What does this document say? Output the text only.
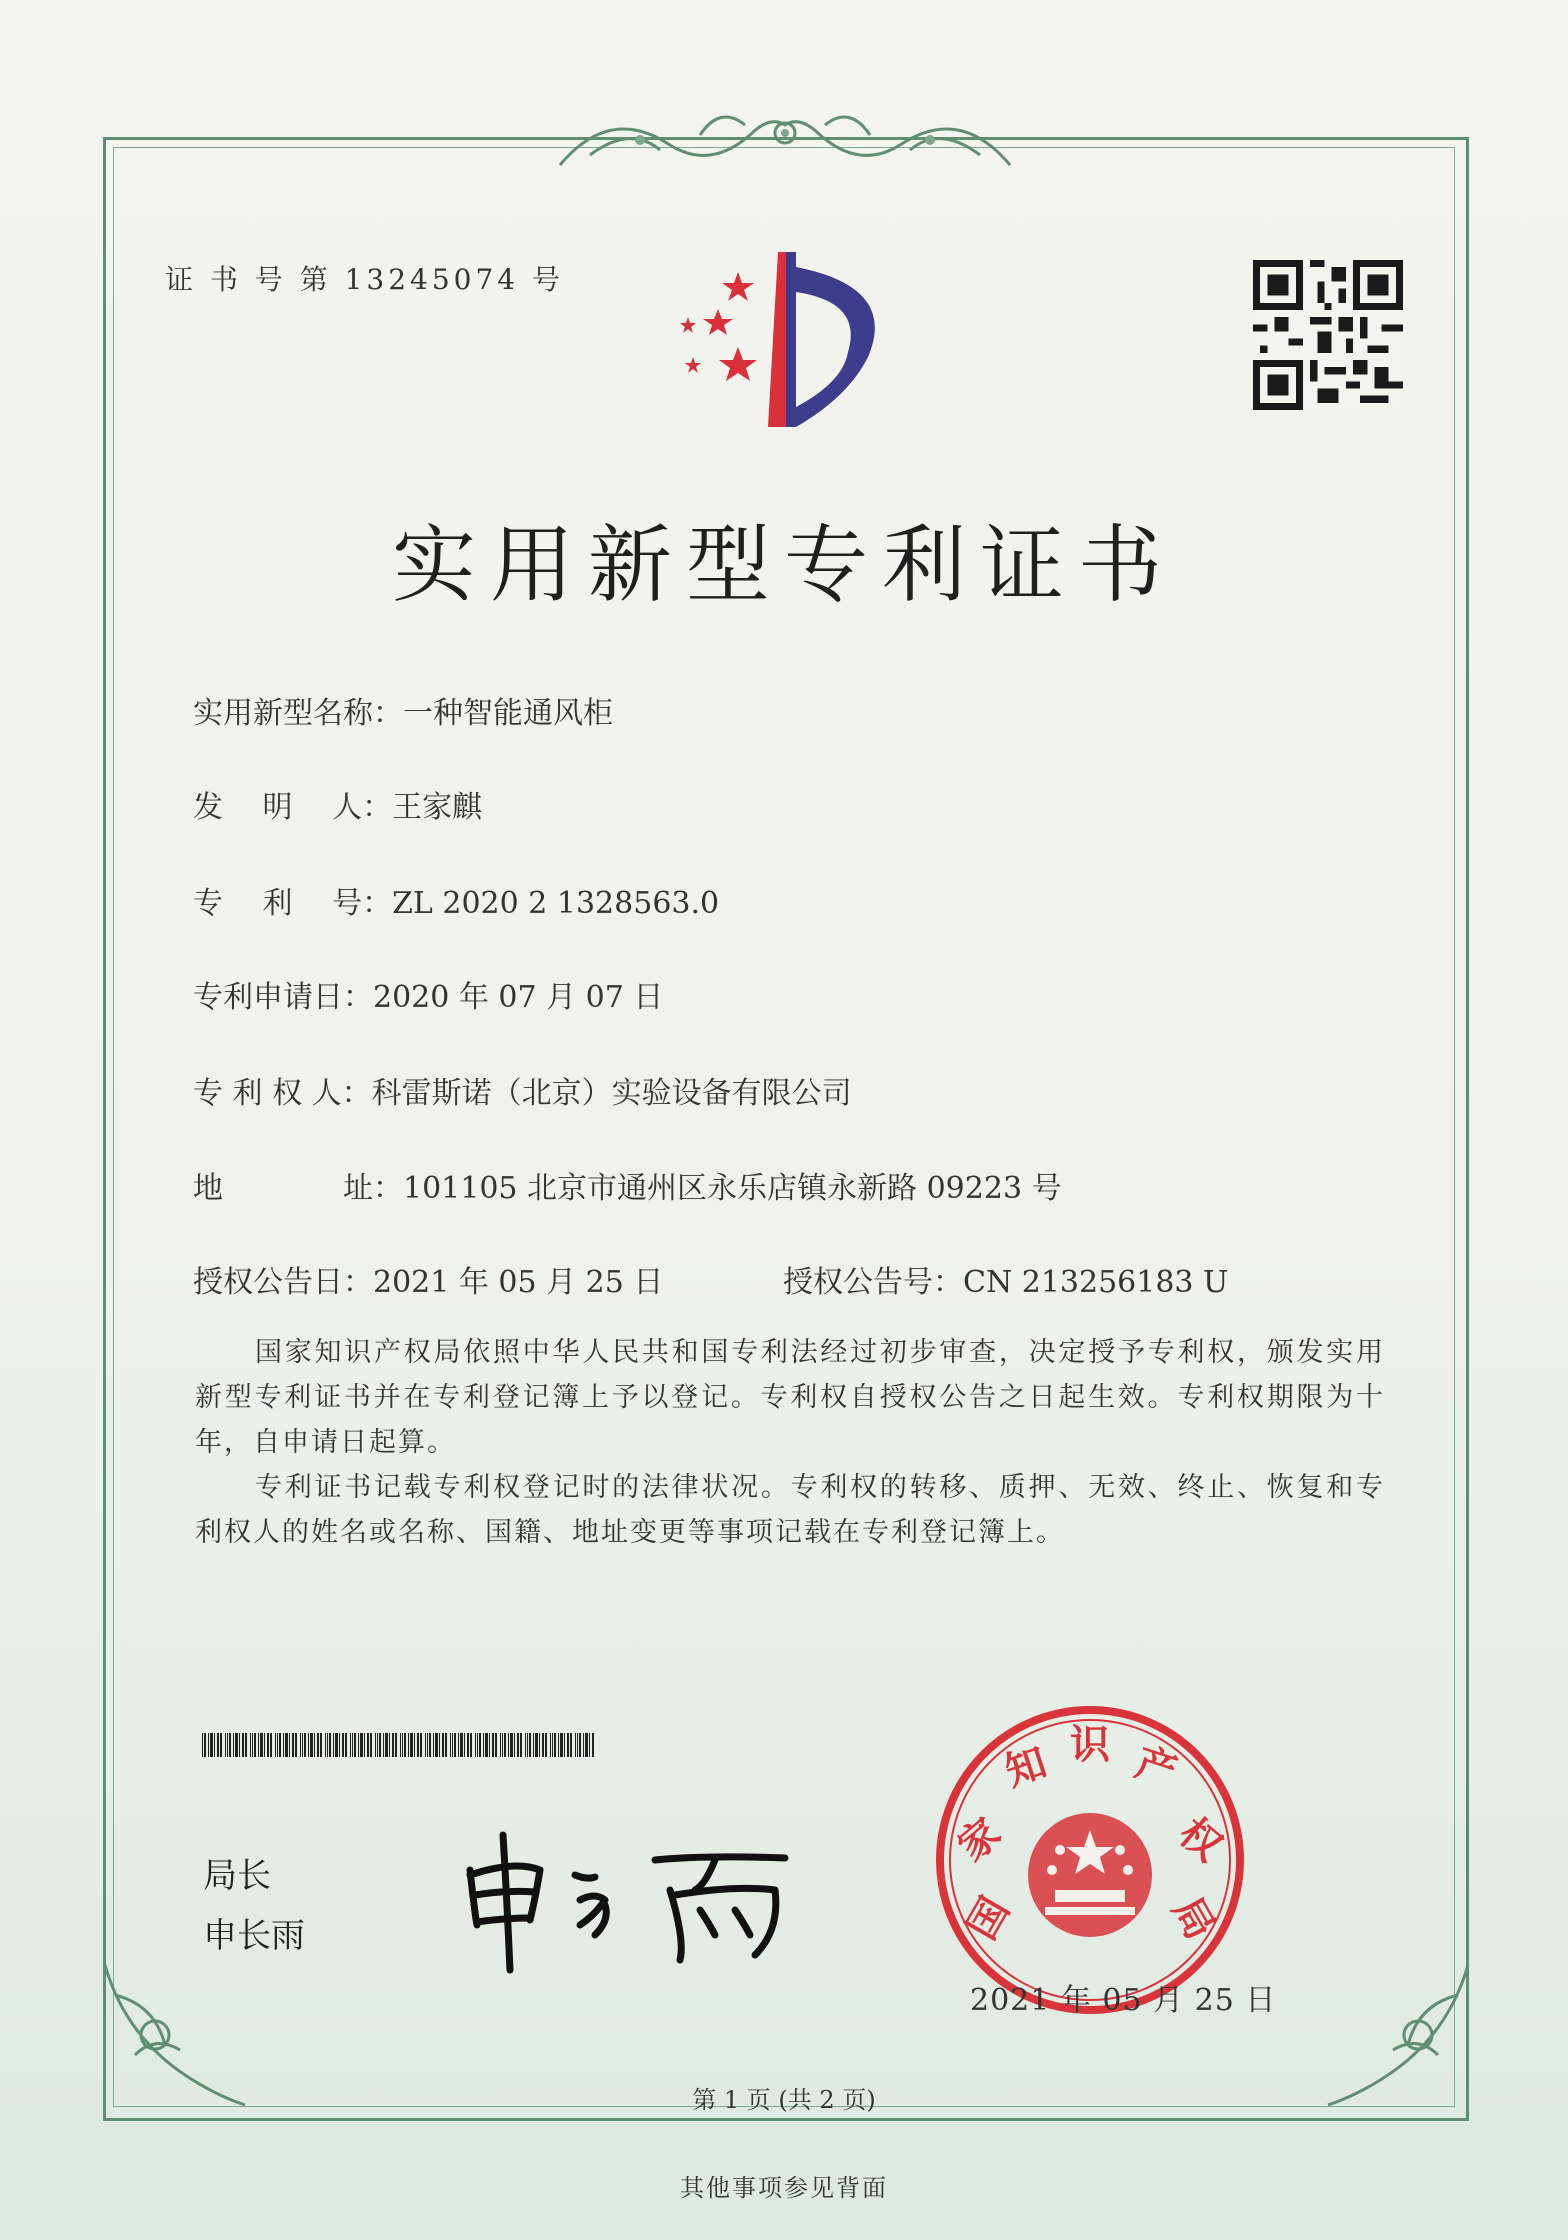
证 书 号 第 13245074 号
实用新型专利证书
实用新型名称：一种智能通风柜
发　 明　 人：王家麒
专　 利　 号：ZL 2020 2 1328563.0
专利申请日：2020 年 07 月 07 日
专 利 权 人：科雷斯诺（北京）实验设备有限公司
地　　　　址：101105 北京市通州区永乐店镇永新路 09223 号
授权公告日：2021 年 05 月 25 日	授权公告号：CN 213256183 U
国家知识产权局依照中华人民共和国专利法经过初步审查，决定授予专利权，颁发实用新型专利证书并在专利登记簿上予以登记。专利权自授权公告之日起生效。专利权期限为十年，自申请日起算。
专利证书记载专利权登记时的法律状况。专利权的转移、质押、无效、终止、恢复和专利权人的姓名或名称、国籍、地址变更等事项记载在专利登记簿上。
局长
申长雨	国
家
知 识 产
权
局
2021 年 05 月 25 日
第 1 页 (共 2 页)
其他事项参见背面
